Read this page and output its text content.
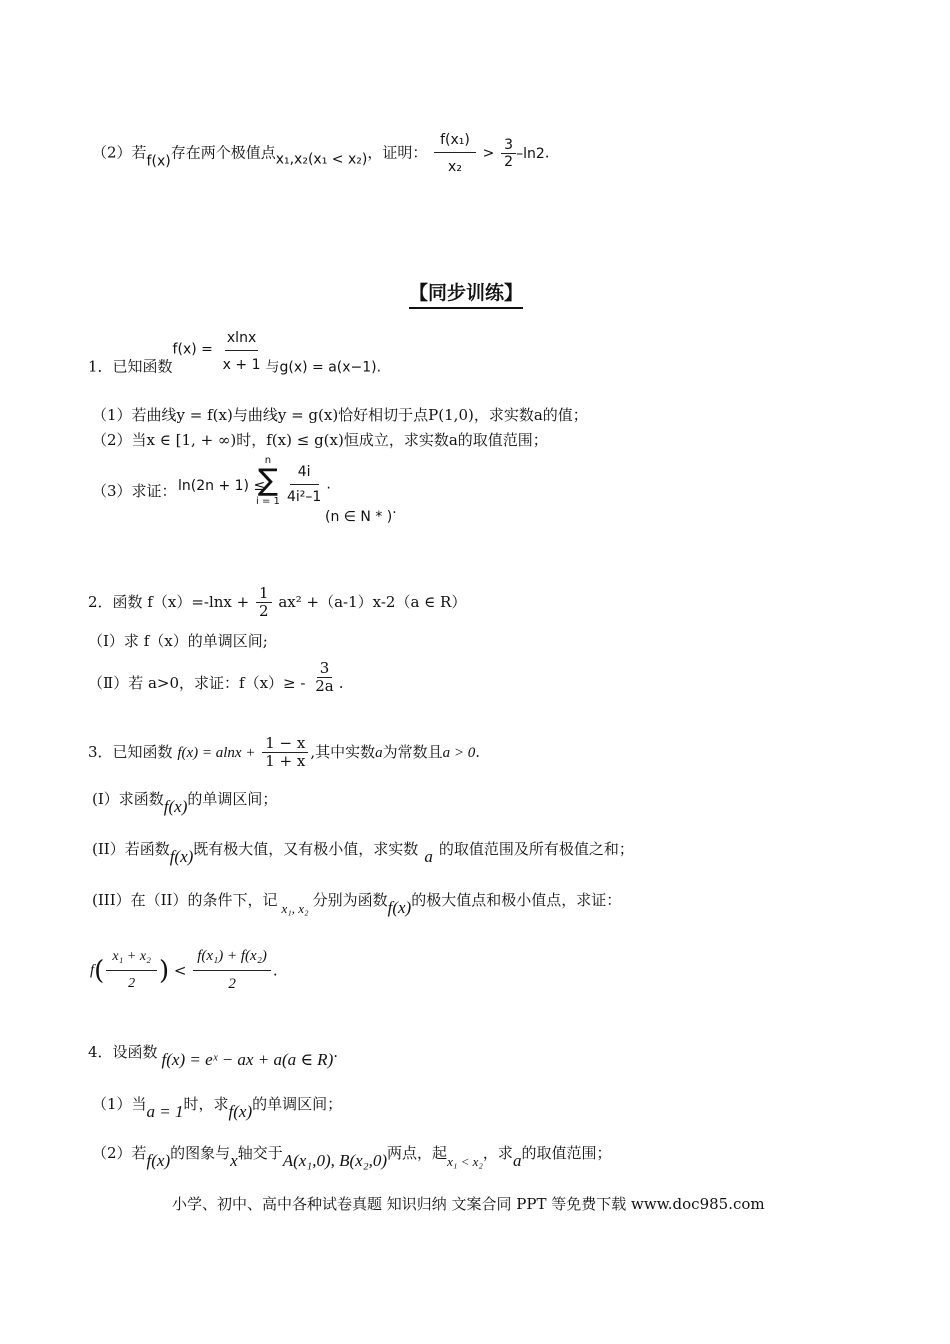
（2）若f(x)存在两个极值点x₁,x₂(x₁ < x₂)，证明： $\frac{\text{f(x₁)}}{\text{x₂}} > \frac{3}{2} -\ln 2$.
【同步训练】
1．已知函数$f(x) = \frac{xlnx}{x + 1}$ 与g(x) = a(x−1).
（1）若曲线y = f(x)与曲线y = g(x)恰好相切于点P(1,0)，求实数a的值；
（2）当x ∈ [1, + ∞)时，f(x) ≤ g(x)恒成立，求实数a的取值范围；
（3）求证： ln(2n + 1) ≤
n
∑
$i = 1 \frac{4i}{\text{4i²–1}}$ .
(n ∈ N * ).
2．函数 $f(x)=-\ln x + \frac{1}{2} ax^2 +(a-1)x-2(a$ ∈ R）
（Ⅰ）求 f（x）的单调区间;
（Ⅱ）若 a>0，求证：$f(x)\ge - \frac{3}{2a}$ .
3．已知函数 $f(x) = alnx + \frac{1 - x}{1 + x}$ ,其中实数a为常数且a > 0.
(I）求函数f(x)的单调区间；
(II）若函数f(x)既有极大值，又有极小值，求实数 a 的取值范围及所有极值之和；
(III）在（II）的条件下，记 x₁, x₂ 分别为函数f(x)的极大值点和极小值点，求证：
$f( \frac{\text{x₁ + x₂}}{2}$ ) < $\frac{\text{f(x₁) + f(x₂)}}{2}$ .
4．设函数 f(x) = eˣ − ax + a(a ∈ R).
（1）当a = 1时，求f(x)的单调区间；
（2）若f(x)的图象与x轴交于A(x₁,0), B(x₂,0)两点，起x₁ < x₂，求a的取值范围；
小学、初中、高中各种试卷真题 知识归纳 文案合同 PPT 等免费下载 www.doc985.com
